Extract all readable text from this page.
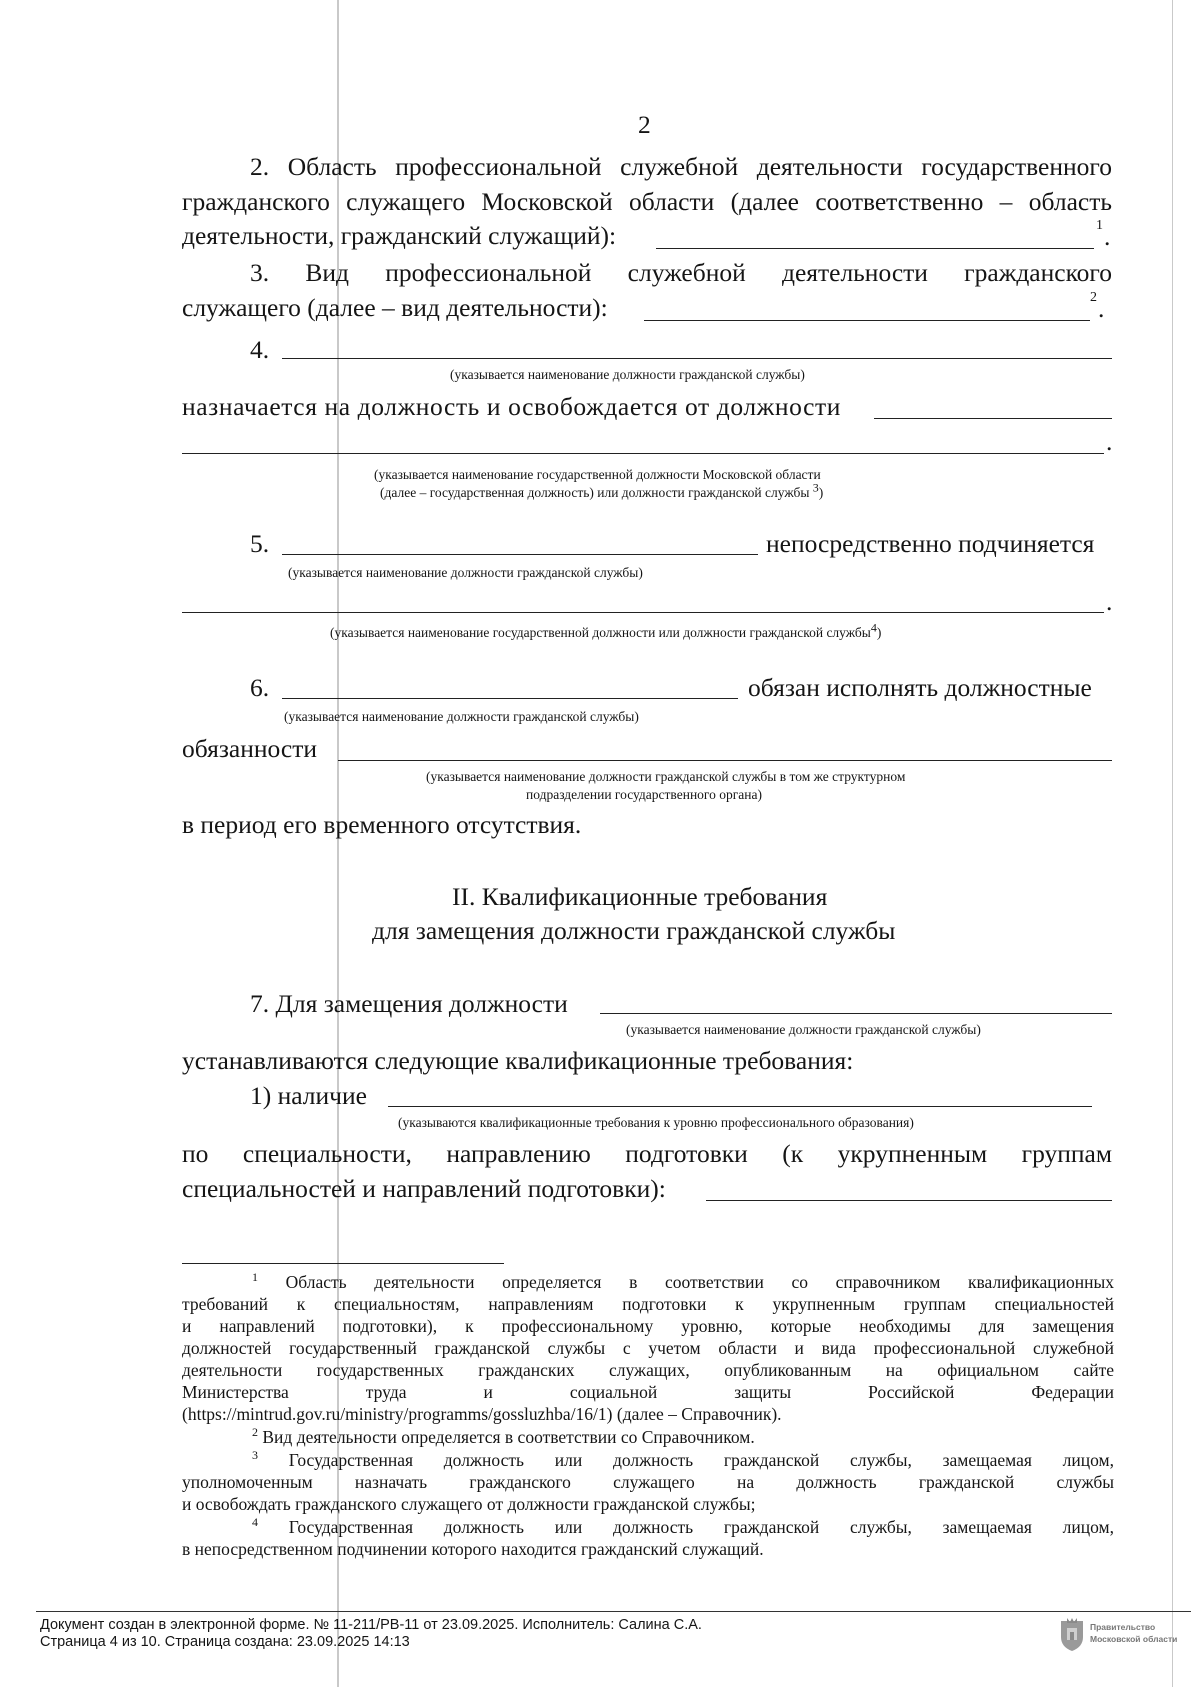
2
2. Область профессиональной служебной деятельности государственного
гражданского служащего Московской области (далее соответственно – область
деятельности, гражданский служащий):	1 .
3. Вид профессиональной служебной деятельности гражданского
служащего (далее – вид деятельности):	2 .
4.
(указывается наименование должности гражданской службы)
назначается на должность и освобождается от должности
.
(указывается наименование государственной должности Московской области
(далее – государственная должность) или должности гражданской службы $^3$)
5.	непосредственно подчиняется
(указывается наименование должности гражданской службы)
.
(указывается наименование государственной должности или должности гражданской службы$^4$)
6.	обязан исполнять должностные
(указывается наименование должности гражданской службы)
обязанности
(указывается наименование должности гражданской службы в том же структурном
подразделении государственного органа)
в период его временного отсутствия.
II. Квалификационные требования
для замещения должности гражданской службы
7. Для замещения должности
(указывается наименование должности гражданской службы)
устанавливаются следующие квалификационные требования:
1) наличие
(указываются квалификационные требования к уровню профессионального образования)
по специальности, направлению подготовки (к укрупненным группам
специальностей и направлений подготовки):
$^1$ Область деятельности определяется в соответствии со справочником квалификационных
требований к специальностям, направлениям подготовки к укрупненным группам специальностей
и направлений подготовки), к профессиональному уровню, которые необходимы для замещения
должностей государственный гражданской службы с учетом области и вида профессиональной служебной
деятельности государственных гражданских служащих, опубликованным на официальном сайте
Министерства труда и социальной защиты Российской Федерации
(https://mintrud.gov.ru/ministry/programms/gossluzhba/16/1) (далее – Справочник).
$^2$ Вид деятельности определяется в соответствии со Справочником.
$^3$ Государственная должность или должность гражданской службы, замещаемая лицом,
уполномоченным назначать гражданского служащего на должность гражданской службы
и освобождать гражданского служащего от должности гражданской службы;
$^4$ Государственная должность или должность гражданской службы, замещаемая лицом,
в непосредственном подчинении которого находится гражданский служащий.
Документ создан в электронной форме. № 11-211/РВ-11 от 23.09.2025. Исполнитель: Салина С.А.
Страница 4 из 10. Страница создана: 23.09.2025 14:13
Правительство
Московской области
